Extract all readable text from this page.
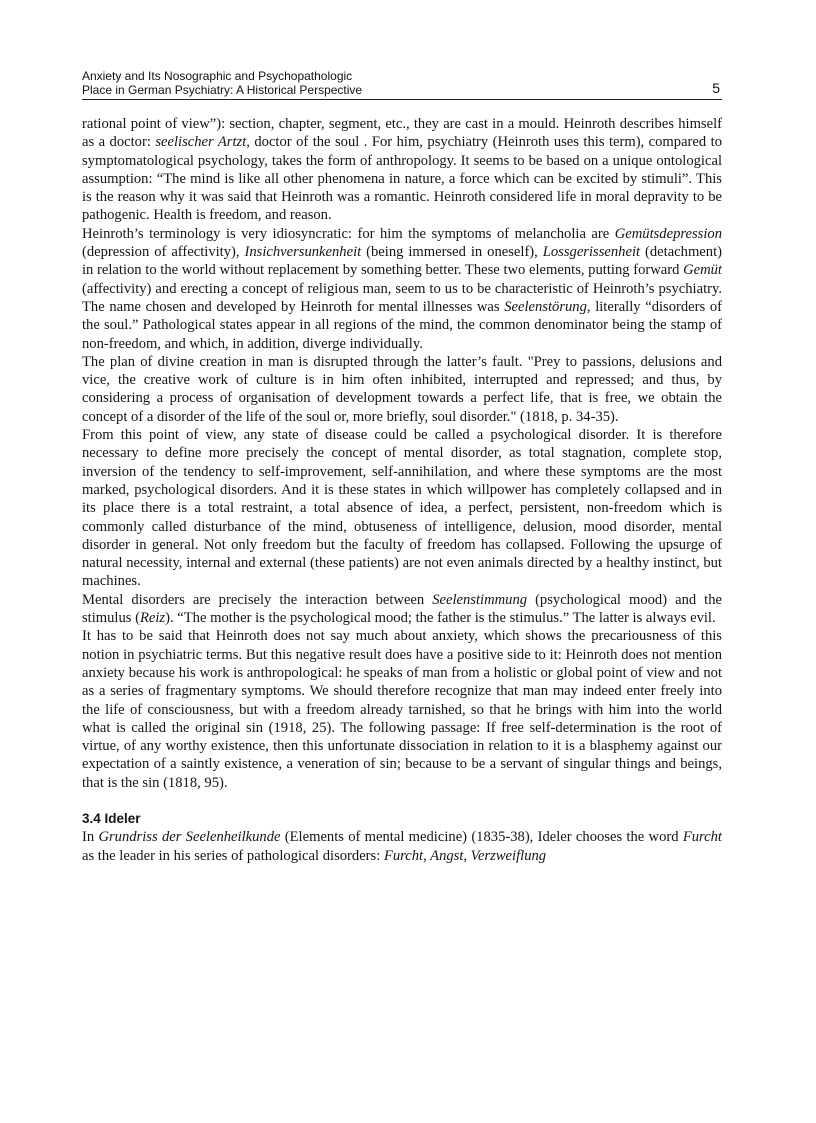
Anxiety and Its Nosographic and Psychopathologic
Place in German Psychiatry: A Historical Perspective	5

rational point of view”): section, chapter, segment, etc., they are cast in a mould. Heinroth describes himself as a doctor: seelischer Artzt, doctor of the soul . For him, psychiatry (Heinroth uses this term), compared to symptomatological psychology, takes the form of anthropology. It seems to be based on a unique ontological assumption: “The mind is like all other phenomena in nature, a force which can be excited by stimuli”. This is the reason why it was said that Heinroth was a romantic. Heinroth considered life in moral depravity to be pathogenic. Health is freedom, and reason.

Heinroth’s terminology is very idiosyncratic: for him the symptoms of melancholia are Gemütsdepression (depression of affectivity), Insichversunkenheit (being immersed in oneself), Lossgerissenheit (detachment) in relation to the world without replacement by something better. These two elements, putting forward Gemüt (affectivity) and erecting a concept of religious man, seem to us to be characteristic of Heinroth’s psychiatry. The name chosen and developed by Heinroth for mental illnesses was Seelenstörung, literally “disorders of the soul.” Pathological states appear in all regions of the mind, the common denominator being the stamp of non-freedom, and which, in addition, diverge individually.

The plan of divine creation in man is disrupted through the latter’s fault. "Prey to passions, delusions and vice, the creative work of culture is in him often inhibited, interrupted and repressed; and thus, by considering a process of organisation of development towards a perfect life, that is free, we obtain the concept of a disorder of the life of the soul or, more briefly, soul disorder." (1818, p. 34-35).

From this point of view, any state of disease could be called a psychological disorder. It is therefore necessary to define more precisely the concept of mental disorder, as total stagnation, complete stop, inversion of the tendency to self-improvement, self-annihilation, and where these symptoms are the most marked, psychological disorders. And it is these states in which willpower has completely collapsed and in its place there is a total restraint, a total absence of idea, a perfect, persistent, non-freedom which is commonly called disturbance of the mind, obtuseness of intelligence, delusion, mood disorder, mental disorder in general. Not only freedom but the faculty of freedom has collapsed. Following the upsurge of natural necessity, internal and external (these patients) are not even animals directed by a healthy instinct, but machines.

Mental disorders are precisely the interaction between Seelenstimmung (psychological mood) and the stimulus (Reiz). “The mother is the psychological mood; the father is the stimulus.” The latter is always evil.

It has to be said that Heinroth does not say much about anxiety, which shows the precariousness of this notion in psychiatric terms. But this negative result does have a positive side to it: Heinroth does not mention anxiety because his work is anthropological: he speaks of man from a holistic or global point of view and not as a series of fragmentary symptoms. We should therefore recognize that man may indeed enter freely into the life of consciousness, but with a freedom already tarnished, so that he brings with him into the world what is called the original sin (1918, 25). The following passage: If free self-determination is the root of virtue, of any worthy existence, then this unfortunate dissociation in relation to it is a blasphemy against our expectation of a saintly existence, a veneration of sin; because to be a servant of singular things and beings, that is the sin (1818, 95).

3.4 Ideler

In Grundriss der Seelenheilkunde (Elements of mental medicine) (1835-38), Ideler chooses the word Furcht as the leader in his series of pathological disorders: Furcht, Angst, Verzweiflung
